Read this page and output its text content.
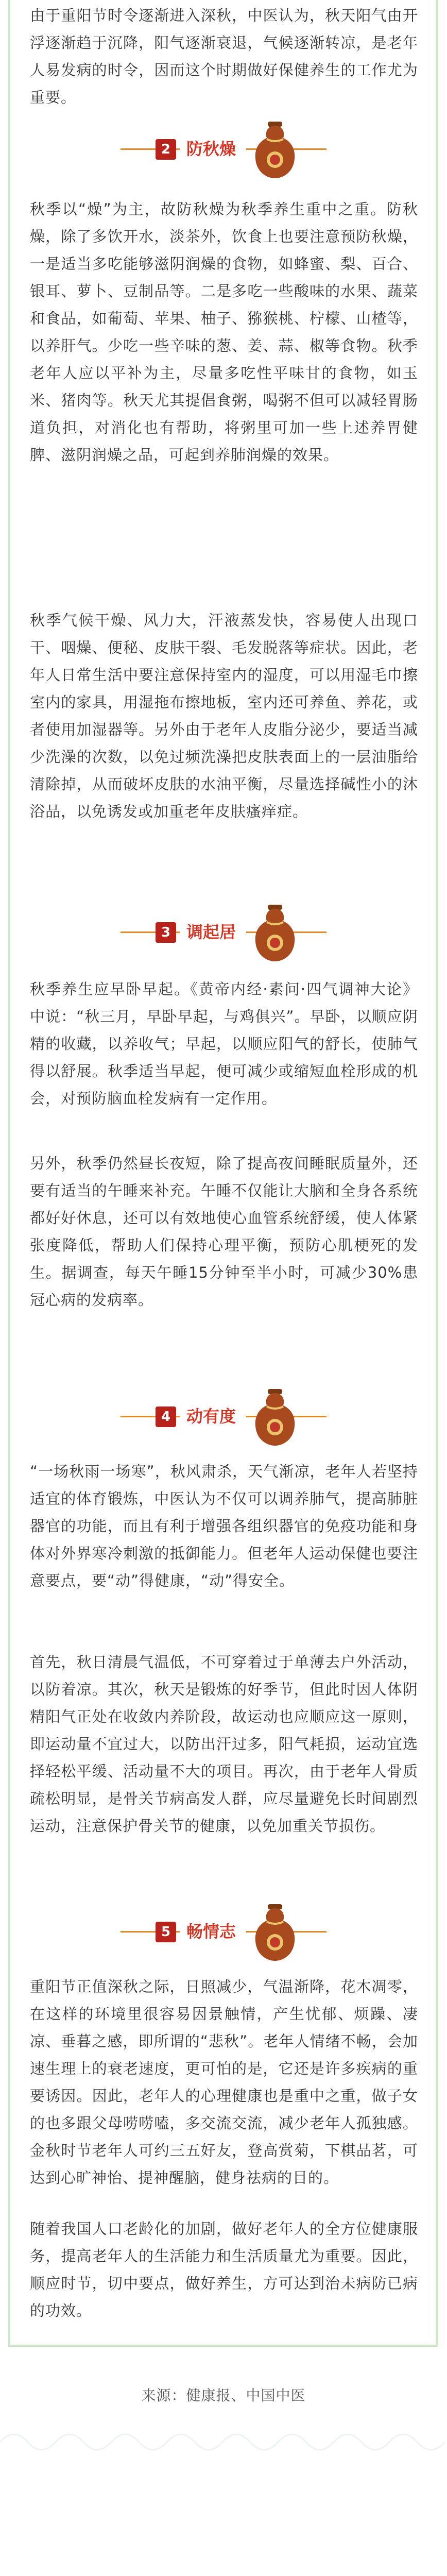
由于重阳节时令逐渐进入深秋，中医认为，秋天阳气由开浮逐渐趋于沉降，阳气逐渐衰退，气候逐渐转凉，是老年人易发病的时令，因而这个时期做好保健养生的工作尤为重要。

2 防秋燥

秋季以“燥”为主，故防秋燥为秋季养生重中之重。防秋燥，除了多饮开水，淡茶外，饮食上也要注意预防秋燥，一是适当多吃能够滋阴润燥的食物，如蜂蜜、梨、百合、银耳、萝卜、豆制品等。二是多吃一些酸味的水果、蔬菜和食品，如葡萄、苹果、柚子、猕猴桃、柠檬、山楂等，以养肝气。少吃一些辛味的葱、姜、蒜、椒等食物。秋季老年人应以平补为主，尽量多吃性平味甘的食物，如玉米、猪肉等。秋天尤其提倡食粥，喝粥不但可以减轻胃肠道负担，对消化也有帮助，将粥里可加一些上述养胃健脾、滋阴润燥之品，可起到养肺润燥的效果。

秋季气候干燥、风力大，汗液蒸发快，容易使人出现口干、咽燥、便秘、皮肤干裂、毛发脱落等症状。因此，老年人日常生活中要注意保持室内的湿度，可以用湿毛巾擦室内的家具，用湿拖布擦地板，室内还可养鱼、养花，或者使用加湿器等。另外由于老年人皮脂分泌少，要适当减少洗澡的次数，以免过频洗澡把皮肤表面上的一层油脂给清除掉，从而破坏皮肤的水油平衡，尽量选择碱性小的沐浴品，以免诱发或加重老年皮肤瘙痒症。

3 调起居

秋季养生应早卧早起。《黄帝内经·素问·四气调神大论》中说：“秋三月，早卧早起，与鸡俱兴”。早卧，以顺应阴精的收藏，以养收气；早起，以顺应阳气的舒长，使肺气得以舒展。秋季适当早起，便可减少或缩短血栓形成的机会，对预防脑血栓发病有一定作用。

另外，秋季仍然昼长夜短，除了提高夜间睡眠质量外，还要有适当的午睡来补充。午睡不仅能让大脑和全身各系统都好好休息，还可以有效地使心血管系统舒缓，使人体紧张度降低，帮助人们保持心理平衡，预防心肌梗死的发生。据调查，每天午睡15分钟至半小时，可减少30%患冠心病的发病率。

4 动有度

“一场秋雨一场寒”，秋风肃杀，天气渐凉，老年人若坚持适宜的体育锻炼，中医认为不仅可以调养肺气，提高肺脏器官的功能，而且有利于增强各组织器官的免疫功能和身体对外界寒冷刺激的抵御能力。但老年人运动保健也要注意要点，要“动”得健康，“动”得安全。

首先，秋日清晨气温低，不可穿着过于单薄去户外活动，以防着凉。其次，秋天是锻炼的好季节，但此时因人体阴精阳气正处在收敛内养阶段，故运动也应顺应这一原则，即运动量不宜过大，以防出汗过多，阳气耗损，运动宜选择轻松平缓、活动量不大的项目。再次，由于老年人骨质疏松明显，是骨关节病高发人群，应尽量避免长时间剧烈运动，注意保护骨关节的健康，以免加重关节损伤。

5 畅情志

重阳节正值深秋之际，日照减少，气温渐降，花木凋零，在这样的环境里很容易因景触情，产生忧郁、烦躁、凄凉、垂暮之感，即所谓的“悲秋”。老年人情绪不畅，会加速生理上的衰老速度，更可怕的是，它还是许多疾病的重要诱因。因此，老年人的心理健康也是重中之重，做子女的也多跟父母唠唠嗑，多交流交流，减少老年人孤独感。金秋时节老年人可约三五好友，登高赏菊，下棋品茗，可达到心旷神怡、提神醒脑，健身祛病的目的。

随着我国人口老龄化的加剧，做好老年人的全方位健康服务，提高老年人的生活能力和生活质量尤为重要。因此，顺应时节，切中要点，做好养生，方可达到治未病防已病的功效。

来源：健康报、中国中医
